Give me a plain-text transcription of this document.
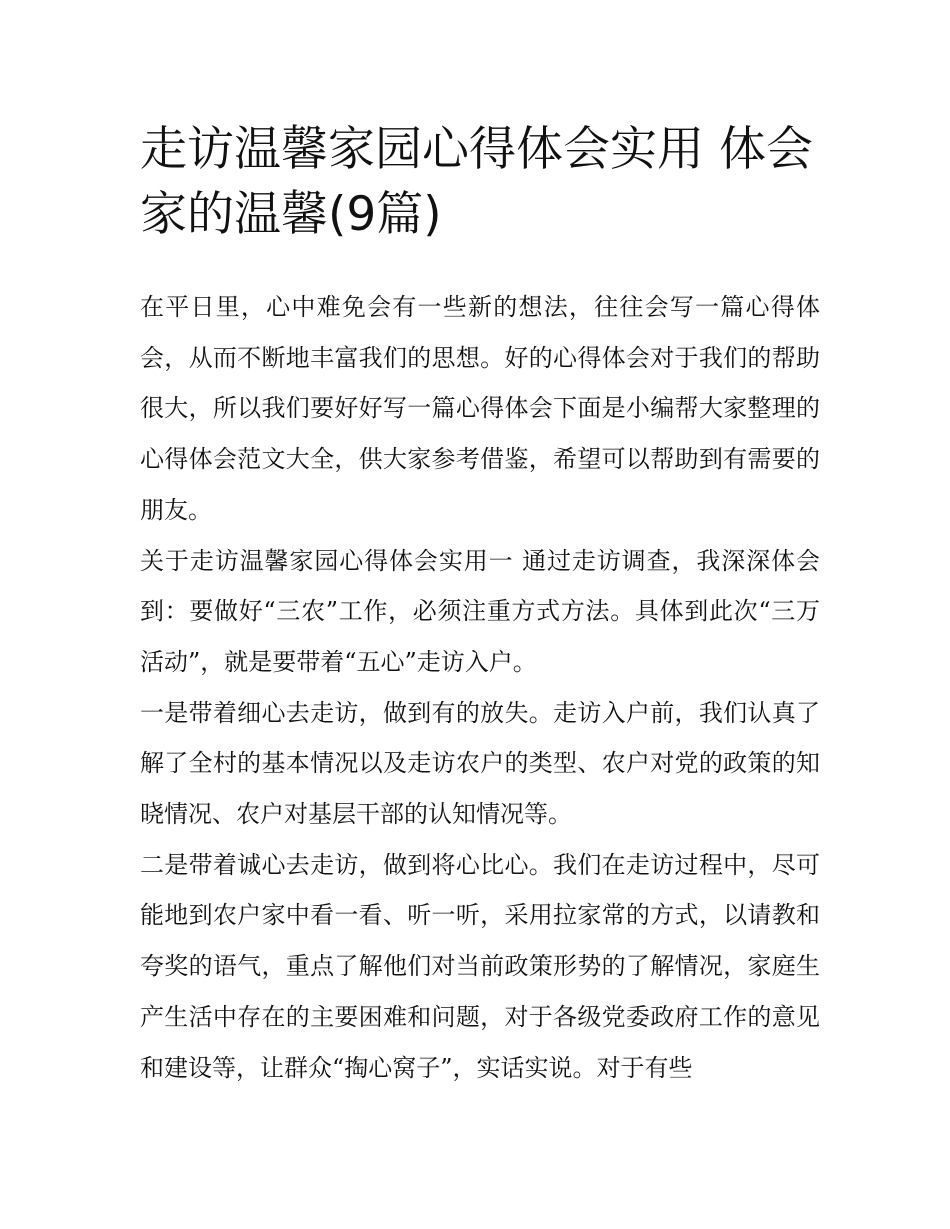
走访温馨家园心得体会实用 体会家的温馨(9篇)

在平日里，心中难免会有一些新的想法，往往会写一篇心得体会，从而不断地丰富我们的思想。好的心得体会对于我们的帮助很大，所以我们要好好写一篇心得体会下面是小编帮大家整理的心得体会范文大全，供大家参考借鉴，希望可以帮助到有需要的朋友。

关于走访温馨家园心得体会实用一 通过走访调查，我深深体会到：要做好“三农”工作，必须注重方式方法。具体到此次“三万活动”，就是要带着“五心”走访入户。

一是带着细心去走访，做到有的放失。走访入户前，我们认真了解了全村的基本情况以及走访农户的类型、农户对党的政策的知晓情况、农户对基层干部的认知情况等。

二是带着诚心去走访，做到将心比心。我们在走访过程中，尽可能地到农户家中看一看、听一听，采用拉家常的方式，以请教和夸奖的语气，重点了解他们对当前政策形势的了解情况，家庭生产生活中存在的主要困难和问题，对于各级党委政府工作的意见和建设等，让群众“掏心窝子”，实话实说。对于有些
